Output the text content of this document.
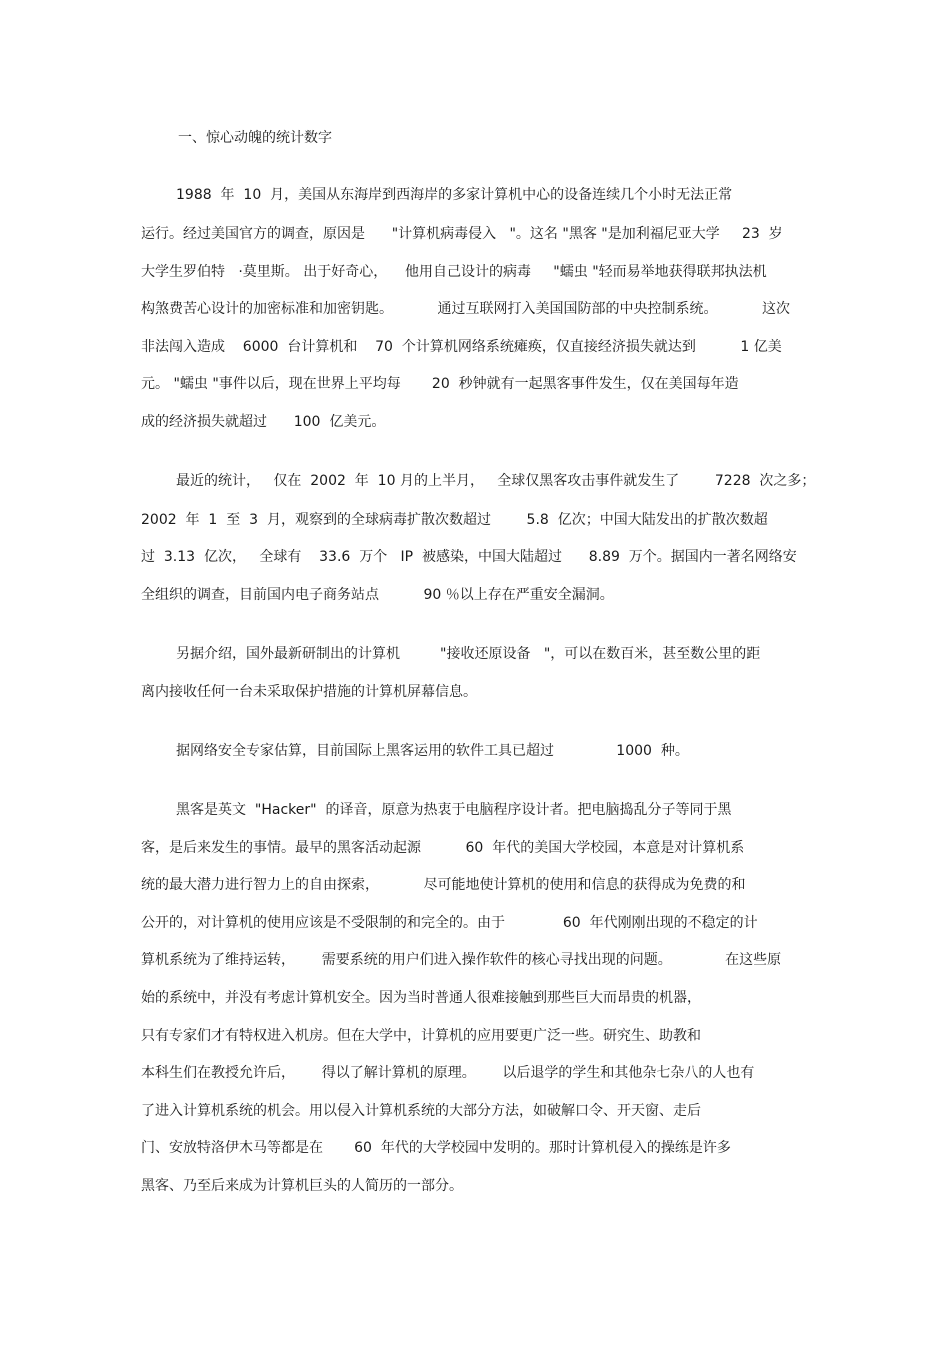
一、惊心动魄的统计数字
1988  年  10  月，美国从东海岸到西海岸的多家计算机中心的设备连续几个小时无法正常
运行。经过美国官方的调查，原因是      "计算机病毒侵入   "。这名 "黑客 "是加利福尼亚大学     23  岁
大学生罗伯特   ·莫里斯。 出于好奇心，    他用自己设计的病毒     "蠕虫 "轻而易举地获得联邦执法机
构煞费苦心设计的加密标准和加密钥匙。          通过互联网打入美国国防部的中央控制系统。          这次
非法闯入造成    6000  台计算机和    70  个计算机网络系统瘫痪，仅直接经济损失就达到          1 亿美
元。 "蠕虫 "事件以后，现在世界上平均每       20  秒钟就有一起黑客事件发生，仅在美国每年造
成的经济损失就超过      100  亿美元。
最近的统计，   仅在  2002  年  10 月的上半月，   全球仅黑客攻击事件就发生了        7228  次之多；
2002  年  1  至  3  月，观察到的全球病毒扩散次数超过        5.8  亿次；中国大陆发出的扩散次数超
过  3.13  亿次，   全球有    33.6  万个   IP  被感染，中国大陆超过      8.89  万个。据国内一著名网络安
全组织的调查，目前国内电子商务站点          90 ％以上存在严重安全漏洞。
另据介绍，国外最新研制出的计算机         "接收还原设备   "，可以在数百米，甚至数公里的距
离内接收任何一台未采取保护措施的计算机屏幕信息。
据网络安全专家估算，目前国际上黑客运用的软件工具已超过              1000  种。
黑客是英文  "Hacker"  的译音，原意为热衷于电脑程序设计者。把电脑捣乱分子等同于黑
客，是后来发生的事情。最早的黑客活动起源          60  年代的美国大学校园，本意是对计算机系
统的最大潜力进行智力上的自由探索，          尽可能地使计算机的使用和信息的获得成为免费的和
公开的，对计算机的使用应该是不受限制的和完全的。由于             60  年代刚刚出现的不稳定的计
算机系统为了维持运转，      需要系统的用户们进入操作软件的核心寻找出现的问题。            在这些原
始的系统中，并没有考虑计算机安全。因为当时普通人很难接触到那些巨大而昂贵的机器，
只有专家们才有特权进入机房。但在大学中，计算机的应用要更广泛一些。研究生、助教和
本科生们在教授允许后，      得以了解计算机的原理。      以后退学的学生和其他杂七杂八的人也有
了进入计算机系统的机会。用以侵入计算机系统的大部分方法，如破解口令、开天窗、走后
门、安放特洛伊木马等都是在       60  年代的大学校园中发明的。那时计算机侵入的操练是许多
黑客、乃至后来成为计算机巨头的人简历的一部分。
